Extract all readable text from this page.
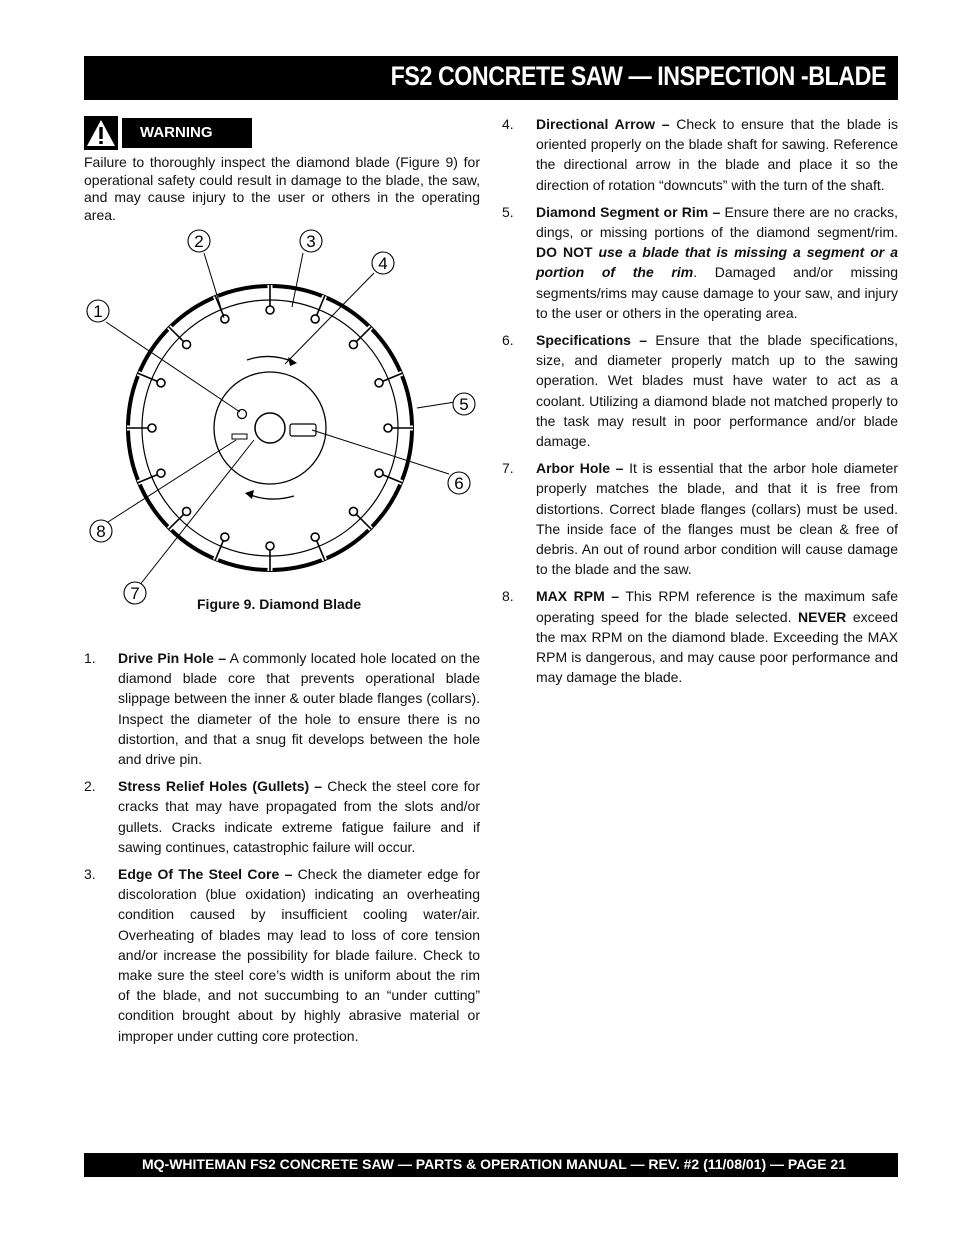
FS2 CONCRETE SAW — INSPECTION -BLADE
WARNING
Failure to thoroughly inspect the diamond blade (Figure 9) for operational safety could result in damage to the blade, the saw, and may cause injury to the user or others in the operating area.
1
2	3
4
5
6
7
8
Figure 9. Diamond Blade
1. Drive Pin Hole – A commonly located hole located on the diamond blade core that prevents operational blade slippage between the inner & outer blade flanges (collars). Inspect the diameter of the hole to ensure there is no distortion, and that a snug fit develops between the hole and drive pin.
2. Stress Relief Holes (Gullets) – Check the steel core for cracks that may have propagated from the slots and/or gullets. Cracks indicate extreme fatigue failure and if sawing continues, catastrophic failure will occur.
3. Edge Of The Steel Core – Check the diameter edge for discoloration (blue oxidation) indicating an overheating condition caused by insufficient cooling water/air. Overheating of blades may lead to loss of core tension and/or increase the possibility for blade failure. Check to make sure the steel core’s width is uniform about the rim of the blade, and not succumbing to an “under cutting” condition brought about by highly abrasive material or improper under cutting core protection.
4. Directional Arrow – Check to ensure that the blade is oriented properly on the blade shaft for sawing. Reference the directional arrow in the blade and place it so the direction of rotation “downcuts” with the turn of the shaft.
5. Diamond Segment or Rim – Ensure there are no cracks, dings, or missing portions of the diamond segment/rim. DO NOT use a blade that is missing a segment or a portion of the rim. Damaged and/or missing segments/rims may cause damage to your saw, and injury to the user or others in the operating area.
6. Specifications – Ensure that the blade specifications, size, and diameter properly match up to the sawing operation. Wet blades must have water to act as a coolant. Utilizing a diamond blade not matched properly to the task may result in poor performance and/or blade damage.
7. Arbor Hole – It is essential that the arbor hole diameter properly matches the blade, and that it is free from distortions. Correct blade flanges (collars) must be used. The inside face of the flanges must be clean & free of debris. An out of round arbor condition will cause damage to the blade and the saw.
8. MAX RPM – This RPM reference is the maximum safe operating speed for the blade selected. NEVER exceed the max RPM on the diamond blade. Exceeding the MAX RPM is dangerous, and may cause poor performance and may damage the blade.
MQ-WHITEMAN FS2 CONCRETE SAW — PARTS & OPERATION MANUAL — REV. #2 (11/08/01) — PAGE 21
